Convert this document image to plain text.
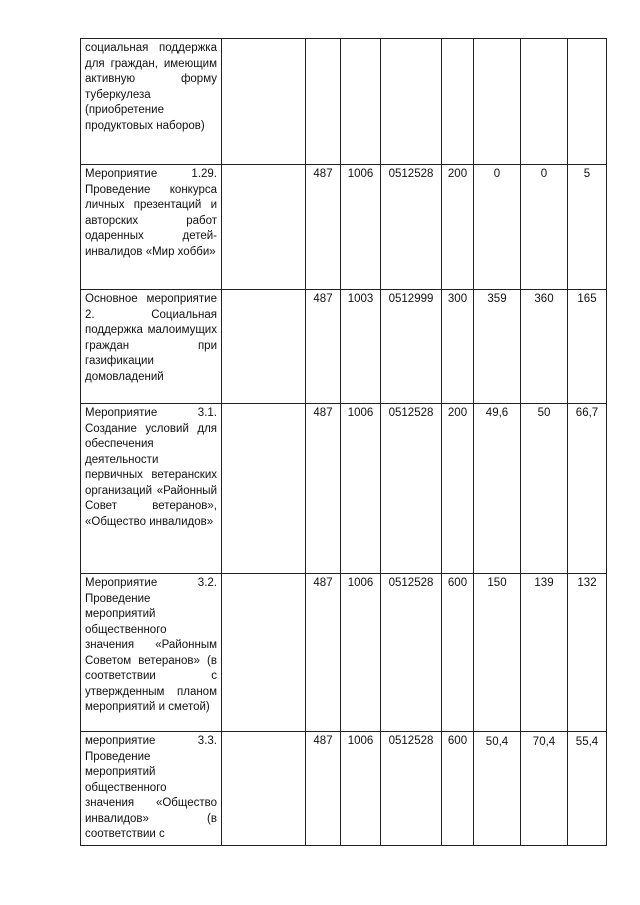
социальная поддержка для граждан, имеющим активную форму туберкулеза (приобретение продуктовых наборов)								
Мероприятие 1.29. Проведение конкурса личных презентаций и авторских работ одаренных детей-инвалидов «Мир хобби»		487	1006	0512528	200	0	0	5
Основное мероприятие 2. Социальная поддержка малоимущих граждан при газификации домовладений		487	1003	0512999	300	359	360	165
Мероприятие 3.1. Создание условий для обеспечения деятельности первичных ветеранских организаций «Районный Совет ветеранов», «Общество инвалидов»		487	1006	0512528	200	49,6	50	66,7
Мероприятие 3.2. Проведение мероприятий общественного значения «Районным Советом ветеранов» (в соответствии с утвержденным планом мероприятий и сметой)		487	1006	0512528	600	150	139	132
мероприятие 3.3. Проведение мероприятий общественного значения «Общество инвалидов» (в соответствии с		487	1006	0512528	600	50,4	70,4	55,4
